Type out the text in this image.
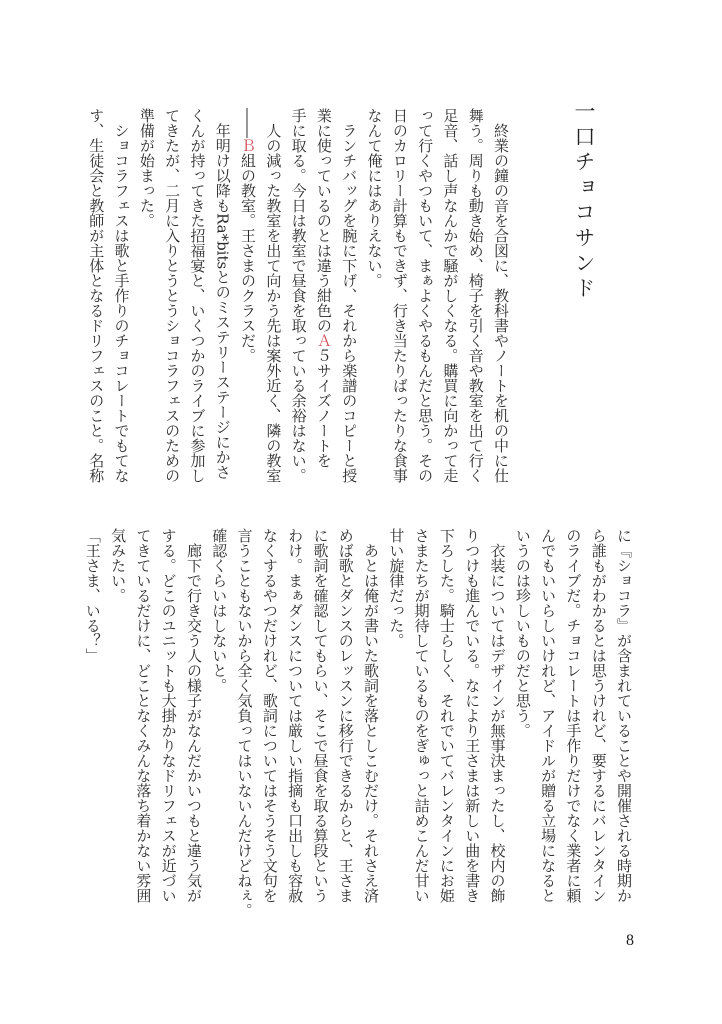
一口チョコサンド
　終業の鐘の音を合図に、教科書やノートを机の中に仕
舞う。周りも動き始め、椅子を引く音や教室を出て行く
足音、話し声なんかで騒がしくなる。購買に向かって走
って行くやつもいて、まぁよくやるもんだと思う。その
日のカロリー計算もできず、行き当たりばったりな食事
なんて俺にはありえない。
　ランチバッグを腕に下げ、それから楽譜のコピーと授
業に使っているのとは違う紺色のＡ５サイズノートを
手に取る。今日は教室で昼食を取っている余裕はない。
　人の減った教室を出て向かう先は案外近く、隣の教室
――Ｂ組の教室。王さまのクラスだ。
　年明け以降もRa*bitsとのミステリーステージにかさ
くんが持ってきた招福宴と、いくつかのライブに参加し
てきたが、二月に入りとうとうショコラフェスのための
準備が始まった。
　ショコラフェスは歌と手作りのチョコレートでもてな
す、生徒会と教師が主体となるドリフェスのこと。名称
に『ショコラ』が含まれていることや開催される時期か
ら誰もがわかるとは思うけれど、要するにバレンタイン
のライブだ。チョコレートは手作りだけでなく業者に頼
んでもいいらしいけれど、アイドルが贈る立場になると
いうのは珍しいものだと思う。
　衣装についてはデザインが無事決まったし、校内の飾
りつけも進んでいる。なにより王さまは新しい曲を書き
下ろした。騎士らしく、それでいてバレンタインにお姫
さまたちが期待しているものをぎゅっと詰めこんだ甘い
甘い旋律だった。
　あとは俺が書いた歌詞を落としこむだけ。それさえ済
めば歌とダンスのレッスンに移行できるからと、王さま
に歌詞を確認してもらい、そこで昼食を取る算段という
わけ。まぁダンスについては厳しい指摘も口出しも容赦
なくするやつだけれど、歌詞についてはそうそう文句を
言うこともないから全く気負ってはいないんだけどねぇ。
確認くらいはしないと。
　廊下で行き交う人の様子がなんだかいつもと違う気が
する。どこのユニットも大掛かりなドリフェスが近づい
てきているだけに、どことなくみんな落ち着かない雰囲
気みたい。
「王さま、いる？」
8
